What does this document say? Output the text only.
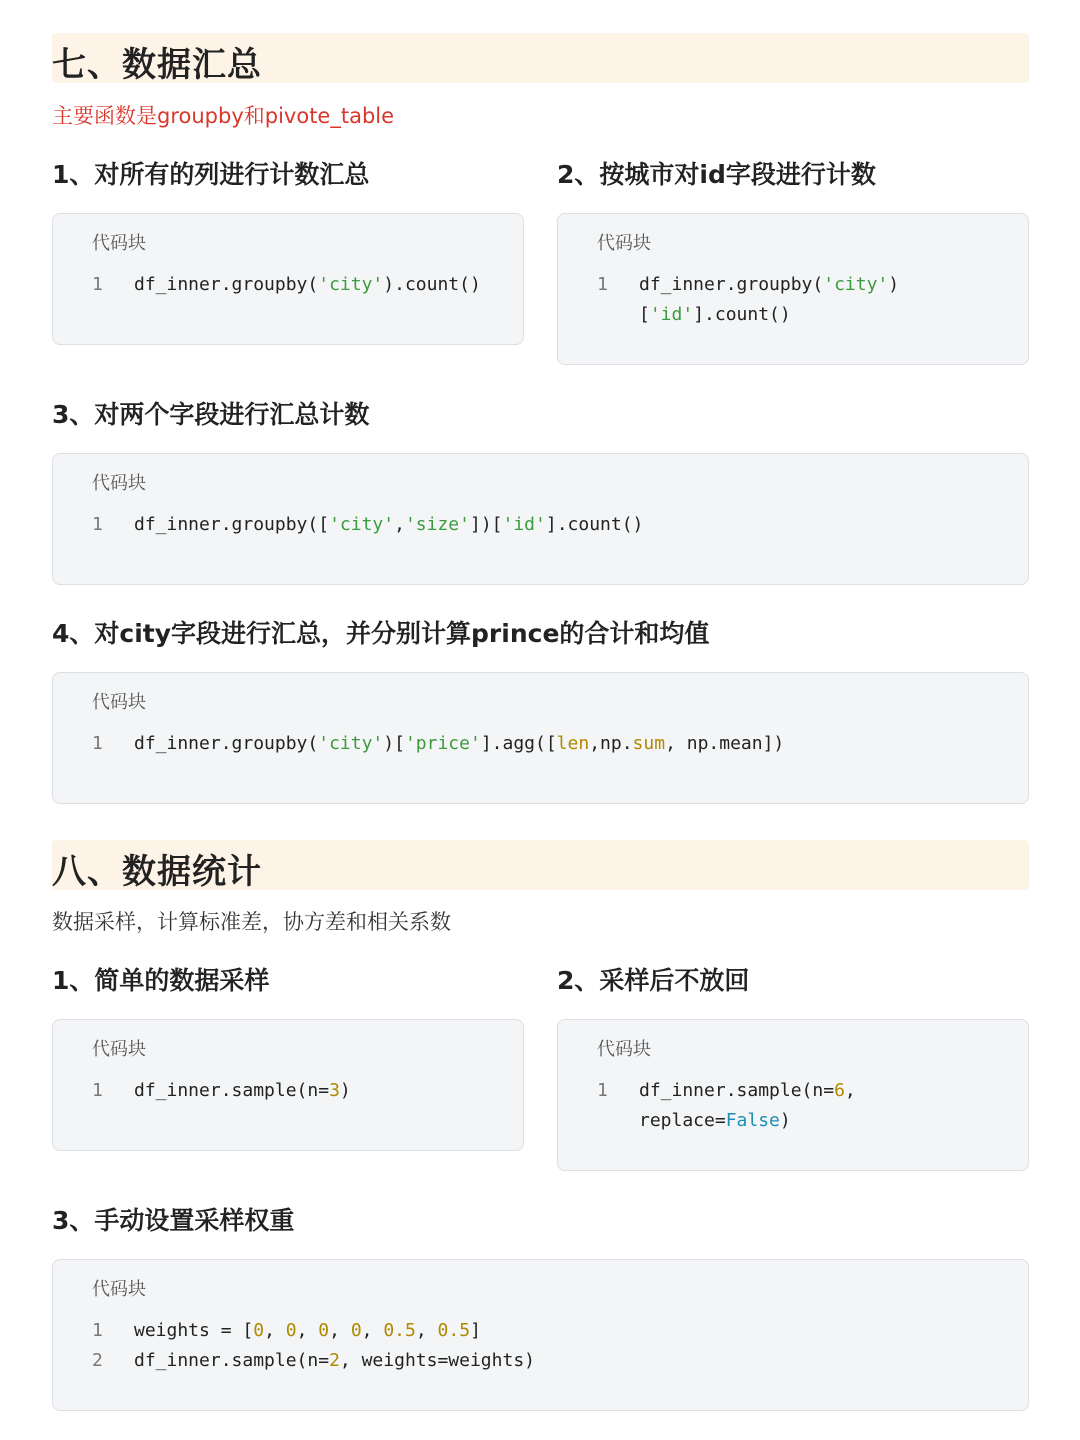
七、数据汇总
主要函数是groupby和pivote_table
1、对所有的列进行计数汇总	2、按城市对id字段进行计数
代码块
1 df_inner.groupby('city').count()
代码块
1 df_inner.groupby('city')
['id'].count()
3、对两个字段进行汇总计数
代码块
1 df_inner.groupby(['city','size'])['id'].count()
4、对city字段进行汇总，并分别计算prince的合计和均值
代码块
1 df_inner.groupby('city')['price'].agg([len,np.sum, np.mean])
八、数据统计
数据采样，计算标准差，协方差和相关系数
1、简单的数据采样	2、采样后不放回
代码块
1 df_inner.sample(n=3)
代码块
1 df_inner.sample(n=6,
replace=False)
3、手动设置采样权重
代码块
1 weights = [0, 0, 0, 0, 0.5, 0.5]
2 df_inner.sample(n=2, weights=weights)
